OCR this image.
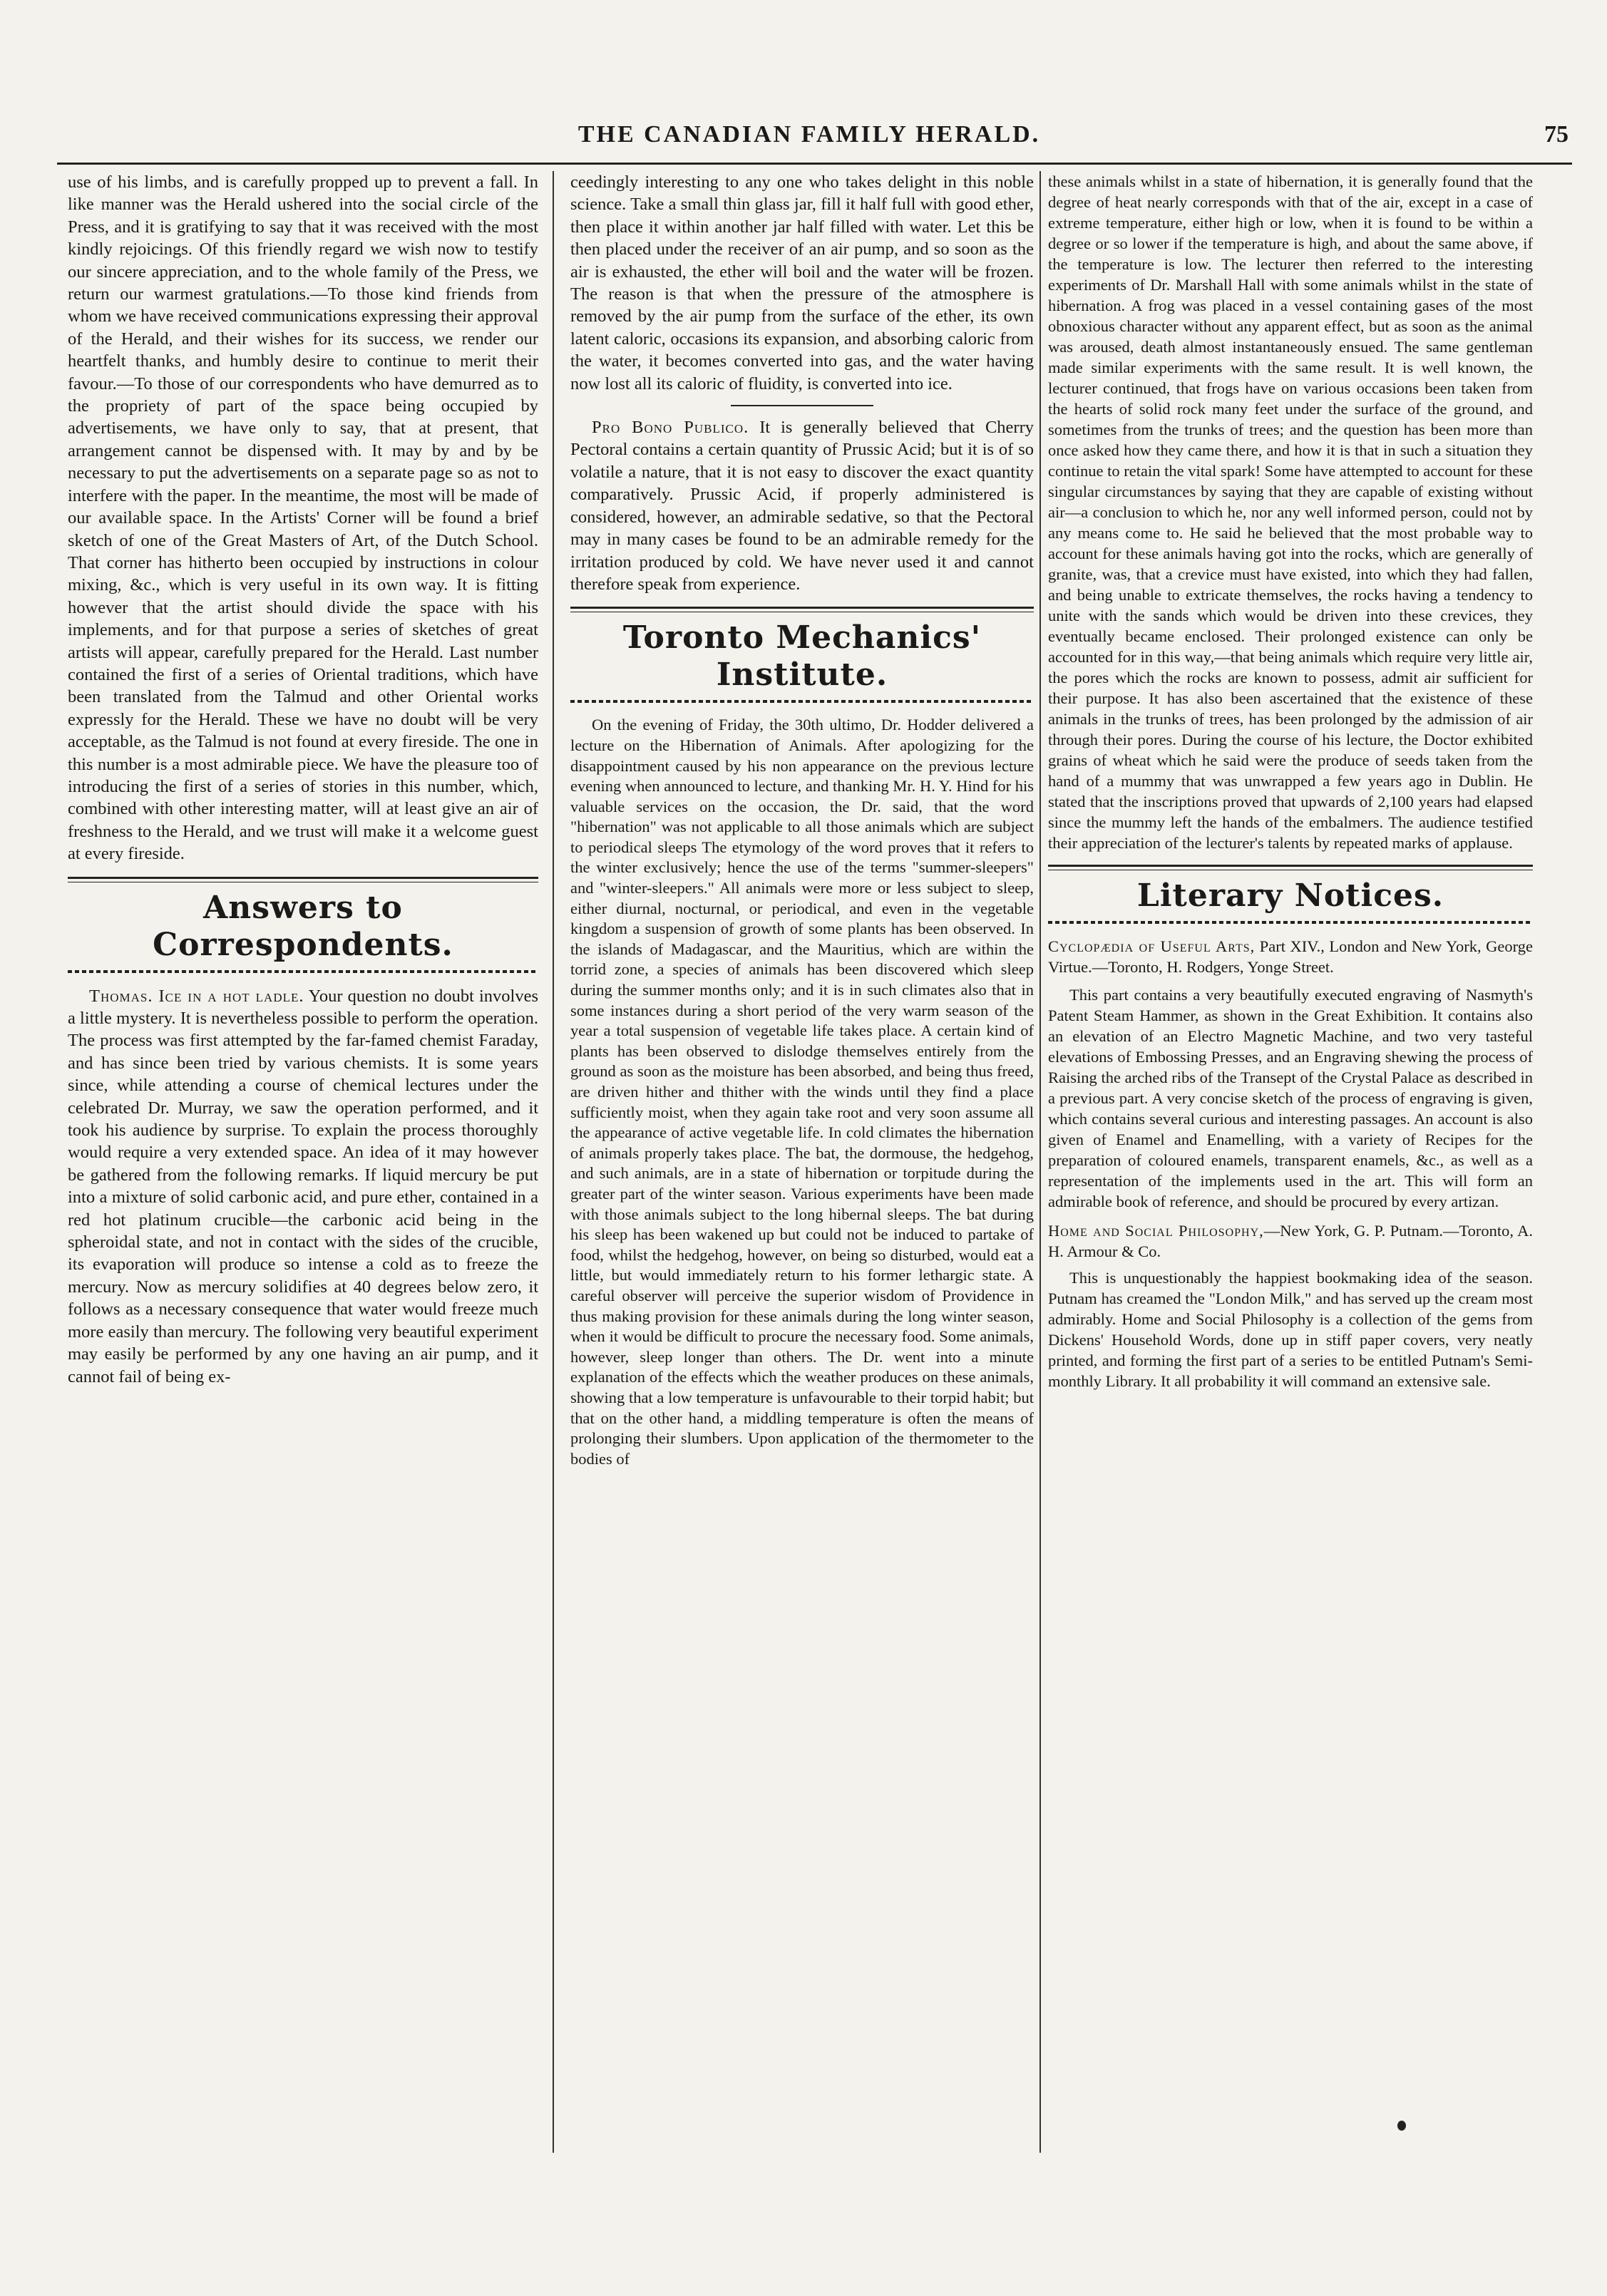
THE CANADIAN FAMILY HERALD.	75

use of his limbs, and is carefully propped up to prevent a fall. In like manner was the Herald ushered into the social circle of the Press, and it is gratifying to say that it was received with the most kindly rejoicings. Of this friendly regard we wish now to testify our sincere appreciation, and to the whole family of the Press, we return our warmest gratulations.—To those kind friends from whom we have received communications expressing their approval of the Herald, and their wishes for its success, we render our heartfelt thanks, and humbly desire to continue to merit their favour.—To those of our correspondents who have demurred as to the propriety of part of the space being occupied by advertisements, we have only to say, that at present, that arrangement cannot be dispensed with. It may by and by be necessary to put the advertisements on a separate page so as not to interfere with the paper. In the meantime, the most will be made of our available space. In the Artists' Corner will be found a brief sketch of one of the Great Masters of Art, of the Dutch School. That corner has hitherto been occupied by instructions in colour mixing, &c., which is very useful in its own way. It is fitting however that the artist should divide the space with his implements, and for that purpose a series of sketches of great artists will appear, carefully prepared for the Herald. Last number contained the first of a series of Oriental traditions, which have been translated from the Talmud and other Oriental works expressly for the Herald. These we have no doubt will be very acceptable, as the Talmud is not found at every fireside. The one in this number is a most admirable piece. We have the pleasure too of introducing the first of a series of stories in this number, which, combined with other interesting matter, will at least give an air of freshness to the Herald, and we trust will make it a welcome guest at every fireside.

Answers to Correspondents.

Thomas. Ice in a hot ladle. Your question no doubt involves a little mystery. It is nevertheless possible to perform the operation. The process was first attempted by the far-famed chemist Faraday, and has since been tried by various chemists. It is some years since, while attending a course of chemical lectures under the celebrated Dr. Murray, we saw the operation performed, and it took his audience by surprise. To explain the process thoroughly would require a very extended space. An idea of it may however be gathered from the following remarks. If liquid mercury be put into a mixture of solid carbonic acid, and pure ether, contained in a red hot platinum crucible—the carbonic acid being in the spheroidal state, and not in contact with the sides of the crucible, its evaporation will produce so intense a cold as to freeze the mercury. Now as mercury solidifies at 40 degrees below zero, it follows as a necessary consequence that water would freeze much more easily than mercury. The following very beautiful experiment may easily be performed by any one having an air pump, and it cannot fail of being ex-

ceedingly interesting to any one who takes delight in this noble science. Take a small thin glass jar, fill it half full with good ether, then place it within another jar half filled with water. Let this be then placed under the receiver of an air pump, and so soon as the air is exhausted, the ether will boil and the water will be frozen. The reason is that when the pressure of the atmosphere is removed by the air pump from the surface of the ether, its own latent caloric, occasions its expansion, and absorbing caloric from the water, it becomes converted into gas, and the water having now lost all its caloric of fluidity, is converted into ice.

Pro Bono Publico. It is generally believed that Cherry Pectoral contains a certain quantity of Prussic Acid; but it is of so volatile a nature, that it is not easy to discover the exact quantity comparatively. Prussic Acid, if properly administered is considered, however, an admirable sedative, so that the Pectoral may in many cases be found to be an admirable remedy for the irritation produced by cold. We have never used it and cannot therefore speak from experience.

Toronto Mechanics' Institute.

On the evening of Friday, the 30th ultimo, Dr. Hodder delivered a lecture on the Hibernation of Animals. After apologizing for the disappointment caused by his non appearance on the previous lecture evening when announced to lecture, and thanking Mr. H. Y. Hind for his valuable services on the occasion, the Dr. said, that the word "hibernation" was not applicable to all those animals which are subject to periodical sleeps The etymology of the word proves that it refers to the winter exclusively; hence the use of the terms "summer-sleepers" and "winter-sleepers." All animals were more or less subject to sleep, either diurnal, nocturnal, or periodical, and even in the vegetable kingdom a suspension of growth of some plants has been observed. In the islands of Madagascar, and the Mauritius, which are within the torrid zone, a species of animals has been discovered which sleep during the summer months only; and it is in such climates also that in some instances during a short period of the very warm season of the year a total suspension of vegetable life takes place. A certain kind of plants has been observed to dislodge themselves entirely from the ground as soon as the moisture has been absorbed, and being thus freed, are driven hither and thither with the winds until they find a place sufficiently moist, when they again take root and very soon assume all the appearance of active vegetable life. In cold climates the hibernation of animals properly takes place. The bat, the dormouse, the hedgehog, and such animals, are in a state of hibernation or torpitude during the greater part of the winter season. Various experiments have been made with those animals subject to the long hibernal sleeps. The bat during his sleep has been wakened up but could not be induced to partake of food, whilst the hedgehog, however, on being so disturbed, would eat a little, but would immediately return to his former lethargic state. A careful observer will perceive the superior wisdom of Providence in thus making provision for these animals during the long winter season, when it would be difficult to procure the necessary food. Some animals, however, sleep longer than others. The Dr. went into a minute explanation of the effects which the weather produces on these animals, showing that a low temperature is unfavourable to their torpid habit; but that on the other hand, a middling temperature is often the means of prolonging their slumbers. Upon application of the thermometer to the bodies of

these animals whilst in a state of hibernation, it is generally found that the degree of heat nearly corresponds with that of the air, except in a case of extreme temperature, either high or low, when it is found to be within a degree or so lower if the temperature is high, and about the same above, if the temperature is low. The lecturer then referred to the interesting experiments of Dr. Marshall Hall with some animals whilst in the state of hibernation. A frog was placed in a vessel containing gases of the most obnoxious character without any apparent effect, but as soon as the animal was aroused, death almost instantaneously ensued. The same gentleman made similar experiments with the same result. It is well known, the lecturer continued, that frogs have on various occasions been taken from the hearts of solid rock many feet under the surface of the ground, and sometimes from the trunks of trees; and the question has been more than once asked how they came there, and how it is that in such a situation they continue to retain the vital spark! Some have attempted to account for these singular circumstances by saying that they are capable of existing without air—a conclusion to which he, nor any well informed person, could not by any means come to. He said he believed that the most probable way to account for these animals having got into the rocks, which are generally of granite, was, that a crevice must have existed, into which they had fallen, and being unable to extricate themselves, the rocks having a tendency to unite with the sands which would be driven into these crevices, they eventually became enclosed. Their prolonged existence can only be accounted for in this way,—that being animals which require very little air, the pores which the rocks are known to possess, admit air sufficient for their purpose. It has also been ascertained that the existence of these animals in the trunks of trees, has been prolonged by the admission of air through their pores. During the course of his lecture, the Doctor exhibited grains of wheat which he said were the produce of seeds taken from the hand of a mummy that was unwrapped a few years ago in Dublin. He stated that the inscriptions proved that upwards of 2,100 years had elapsed since the mummy left the hands of the embalmers. The audience testified their appreciation of the lecturer's talents by repeated marks of applause.

Literary Notices.

Cyclopædia of Useful Arts, Part XIV., London and New York, George Virtue.—Toronto, H. Rodgers, Yonge Street.

This part contains a very beautifully executed engraving of Nasmyth's Patent Steam Hammer, as shown in the Great Exhibition. It contains also an elevation of an Electro Magnetic Machine, and two very tasteful elevations of Embossing Presses, and an Engraving shewing the process of Raising the arched ribs of the Transept of the Crystal Palace as described in a previous part. A very concise sketch of the process of engraving is given, which contains several curious and interesting passages. An account is also given of Enamel and Enamelling, with a variety of Recipes for the preparation of coloured enamels, transparent enamels, &c., as well as a representation of the implements used in the art. This will form an admirable book of reference, and should be procured by every artizan.

Home and Social Philosophy,—New York, G. P. Putnam.—Toronto, A. H. Armour & Co.

This is unquestionably the happiest bookmaking idea of the season. Putnam has creamed the "London Milk," and has served up the cream most admirably. Home and Social Philosophy is a collection of the gems from Dickens' Household Words, done up in stiff paper covers, very neatly printed, and forming the first part of a series to be entitled Putnam's Semi-monthly Library. It all probability it will command an extensive sale.
